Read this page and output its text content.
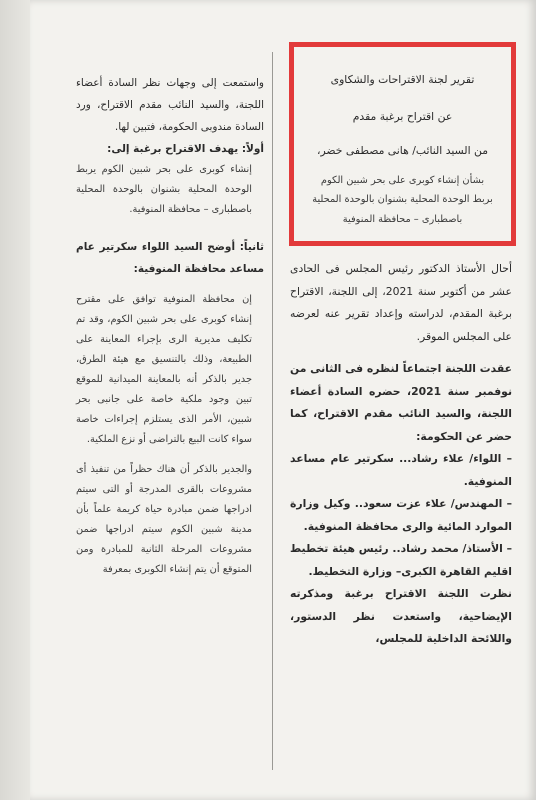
واستمعت إلى وجهات نظر السادة أعضاء اللجنة، والسيد النائب مقدم الاقتراح، ورد السادة مندوبى الحكومة، فتبين لها.

أولاً: يهدف الاقتراح برغبة إلى:

إنشاء كوبرى على بحر شبين الكوم يربط الوحدة المحلية بشنوان بالوحدة المحلية باصطبارى – محافظة المنوفية.

ثانياً: أوضح السيد اللواء سكرتير عام مساعد محافظة المنوفية:

إن محافظة المنوفية توافق على مقترح إنشاء كوبرى على بحر شبين الكوم، وقد تم تكليف مديرية الرى بإجراء المعاينة على الطبيعة، وذلك بالتنسيق مع هيئة الطرق، جدير بالذكر أنه بالمعاينة الميدانية للموقع تبين وجود ملكية خاصة على جانبى بحر شبين، الأمر الذى يستلزم إجراءات خاصة سواء كانت البيع بالتراضى أو نزع الملكية.

والجدير بالذكر أن هناك حظراً من تنفيذ أى مشروعات بالقرى المدرجة أو التى سيتم ادراجها ضمن مبادرة حياة كريمة علماً بأن مدينة شبين الكوم سيتم ادراجها ضمن مشروعات المرحلة الثانية للمبادرة ومن المتوقع أن يتم إنشاء الكوبرى بمعرفة

تقرير لجنة الاقتراحات والشكاوى

عن اقتراح برغبة مقدم

من السيد النائب/ هانى مصطفى خضر،

بشأن إنشاء كوبرى على بحر شبين الكوم

بربط الوحدة المحلية بشنوان بالوحدة المحلية

باصطبارى – محافظة المنوفية

أحال الأستاذ الدكتور رئيس المجلس فى الحادى عشر من أكتوبر سنة 2021، إلى اللجنة، الاقتراح برغبة المقدم، لدراسته وإعداد تقرير عنه لعرضه على المجلس الموقر.

عقدت اللجنة اجتماعاً لنظره فى الثانى من نوفمبر سنة 2021، حضره السادة أعضاء اللجنة، والسيد النائب مقدم الاقتراح، كما حضر عن الحكومة:

– اللواء/ علاء رشاد... سكرتير عام مساعد المنوفية.

– المهندس/ علاء عزت سعود.. وكيل وزارة الموارد المائية والرى محافظة المنوفية.

– الأستاذ/ محمد رشاد.. رئيس هيئة تخطيط اقليم القاهرة الكبرى– وزارة التخطيط.

نظرت اللجنة الاقتراح برغبة ومذكرته الإيضاحية، واستعدت نظر الدستور، واللائحة الداخلية للمجلس،
